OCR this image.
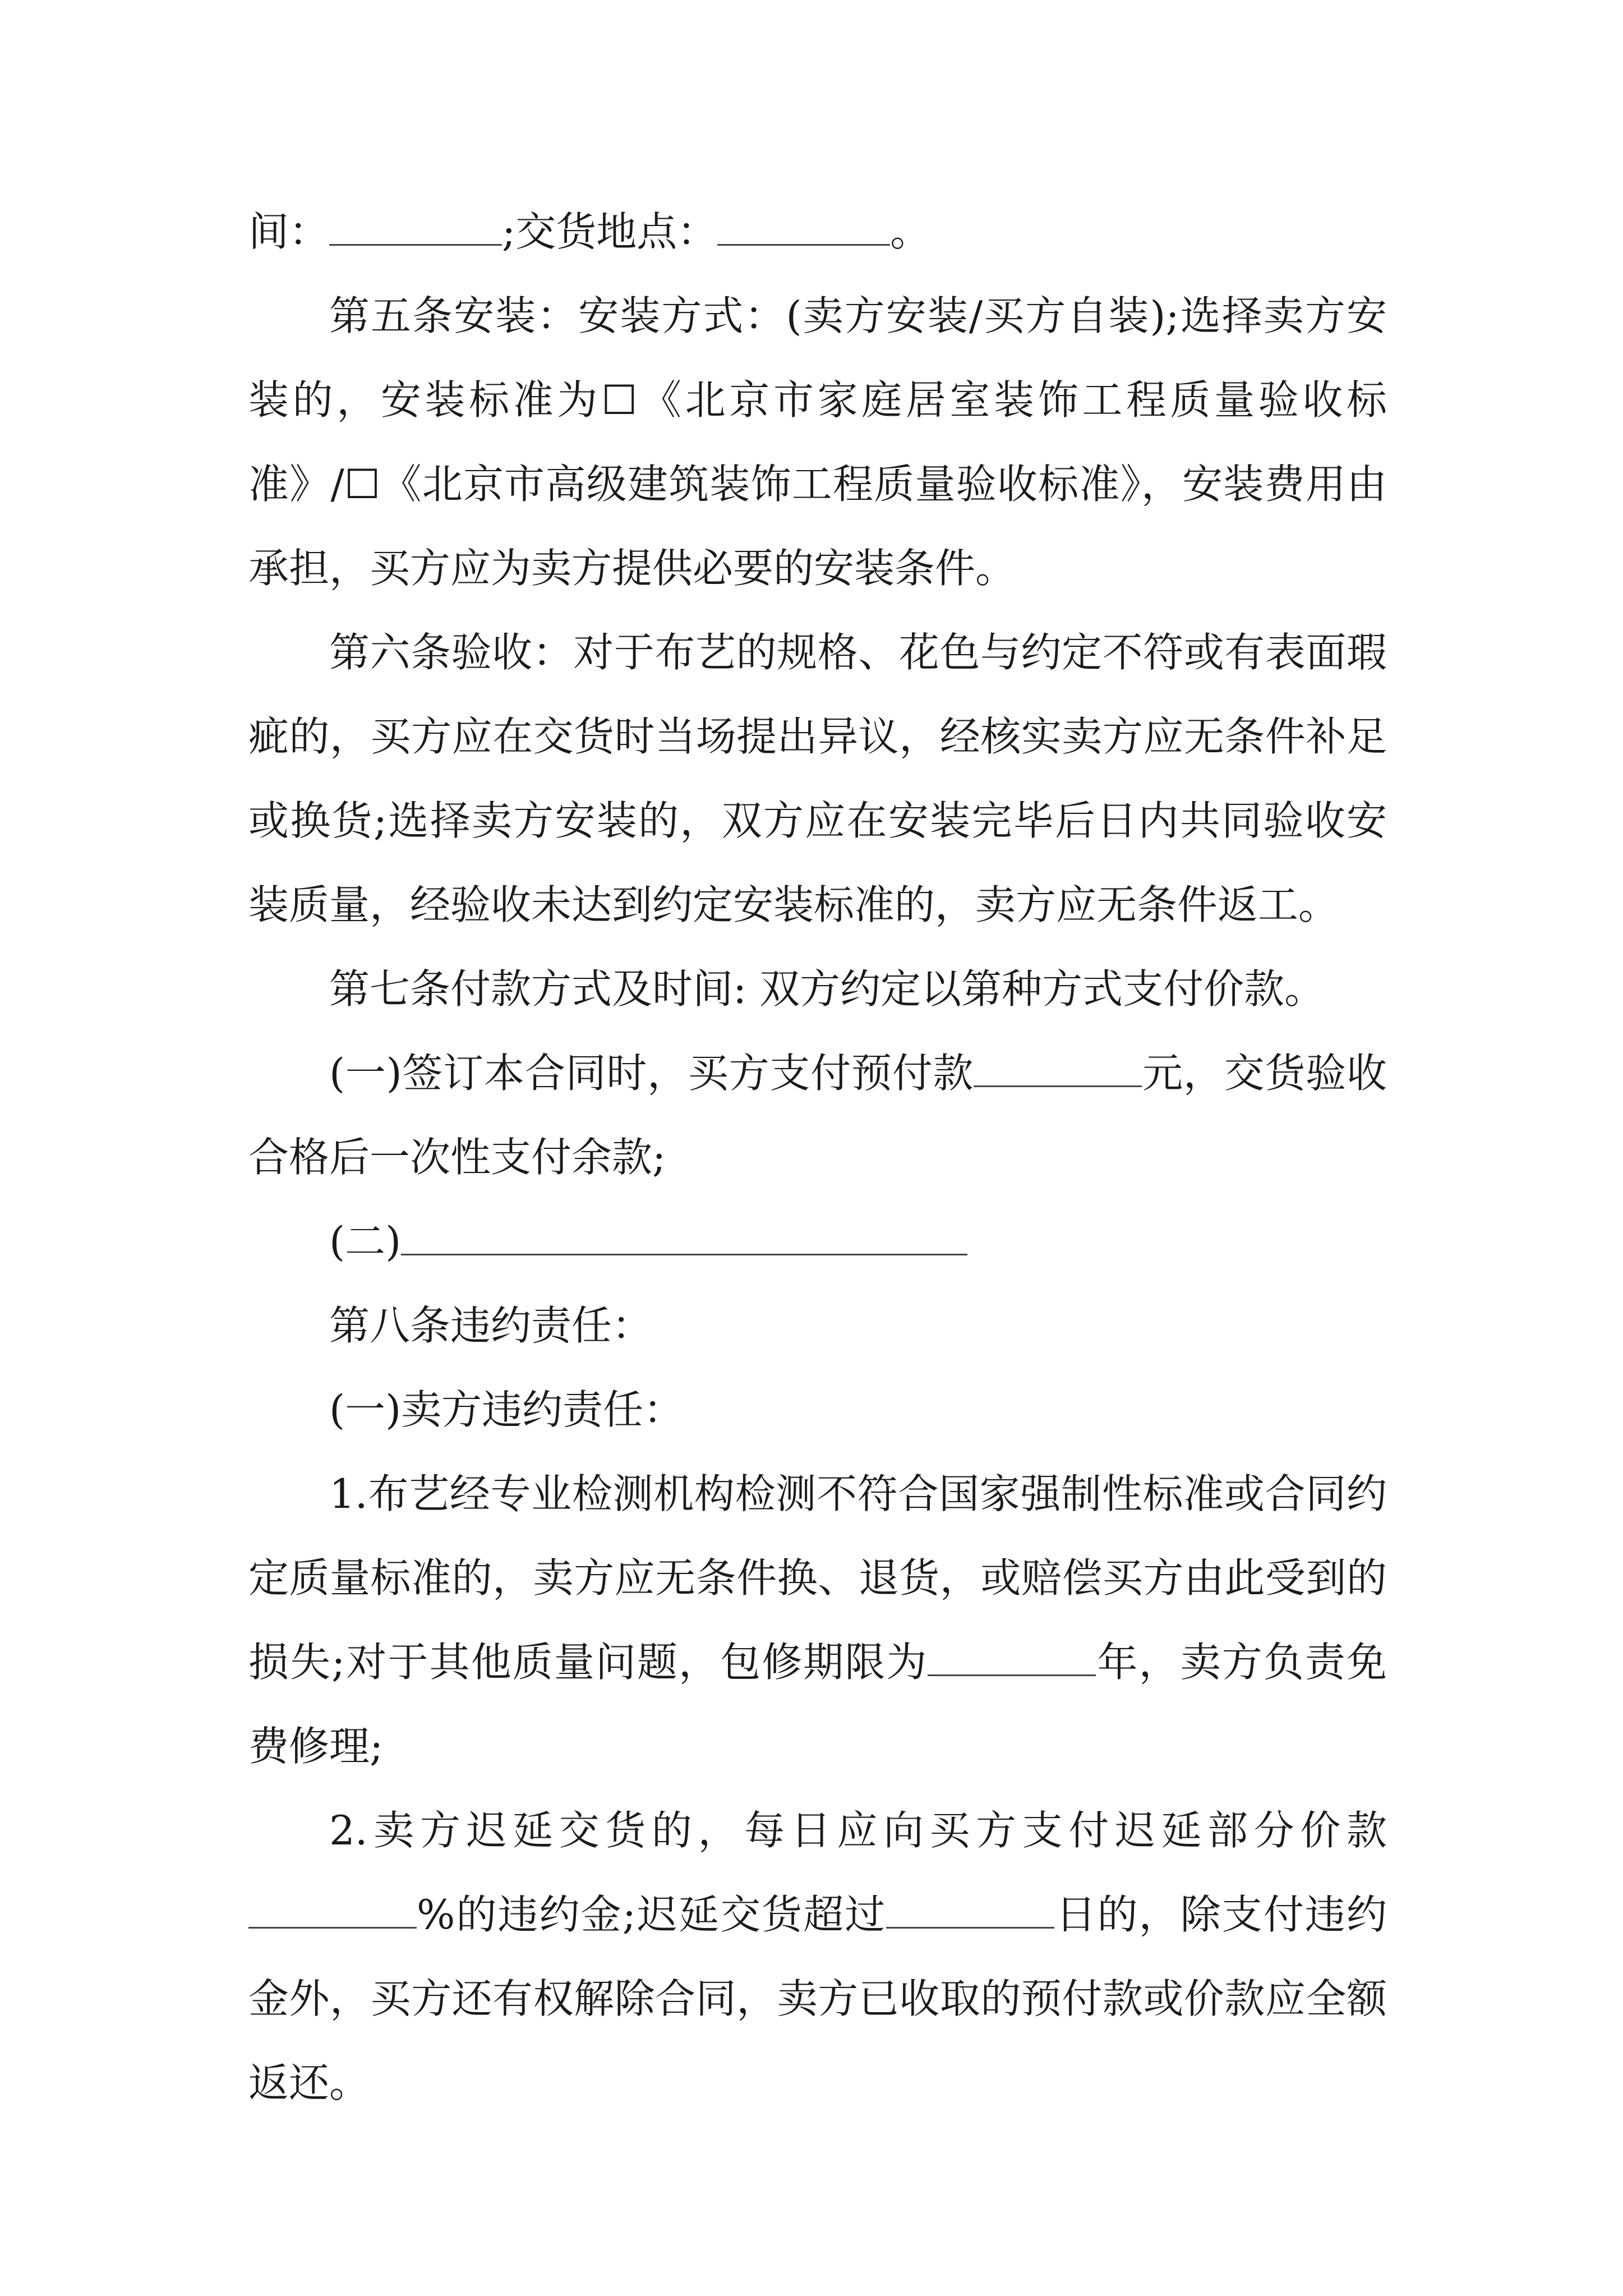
间：	;交货地点：	。

第五条安装：安装方式：(卖方安装/买方自装);选择卖方安装的，安装标准为☐《北京市家庭居室装饰工程质量验收标准》/☐《北京市高级建筑装饰工程质量验收标准》，安装费用由承担，买方应为卖方提供必要的安装条件。

第六条验收：对于布艺的规格、花色与约定不符或有表面瑕疵的，买方应在交货时当场提出异议，经核实卖方应无条件补足或换货;选择卖方安装的，双方应在安装完毕后日内共同验收安装质量，经验收未达到约定安装标准的，卖方应无条件返工。

第七条付款方式及时间: 双方约定以第种方式支付价款。

(一)签订本合同时，买方支付预付款	元，交货验收合格后一次性支付余款;

(二)

第八条违约责任：

(一)卖方违约责任：

1.布艺经专业检测机构检测不符合国家强制性标准或合同约定质量标准的，卖方应无条件换、退货，或赔偿买方由此受到的损失;对于其他质量问题，包修期限为	年，卖方负责免费修理;

2.卖方迟延交货的，每日应向买方支付迟延部分价款%的违约金;迟延交货超过	日的，除支付违约金外，买方还有权解除合同，卖方已收取的预付款或价款应全额返还。
